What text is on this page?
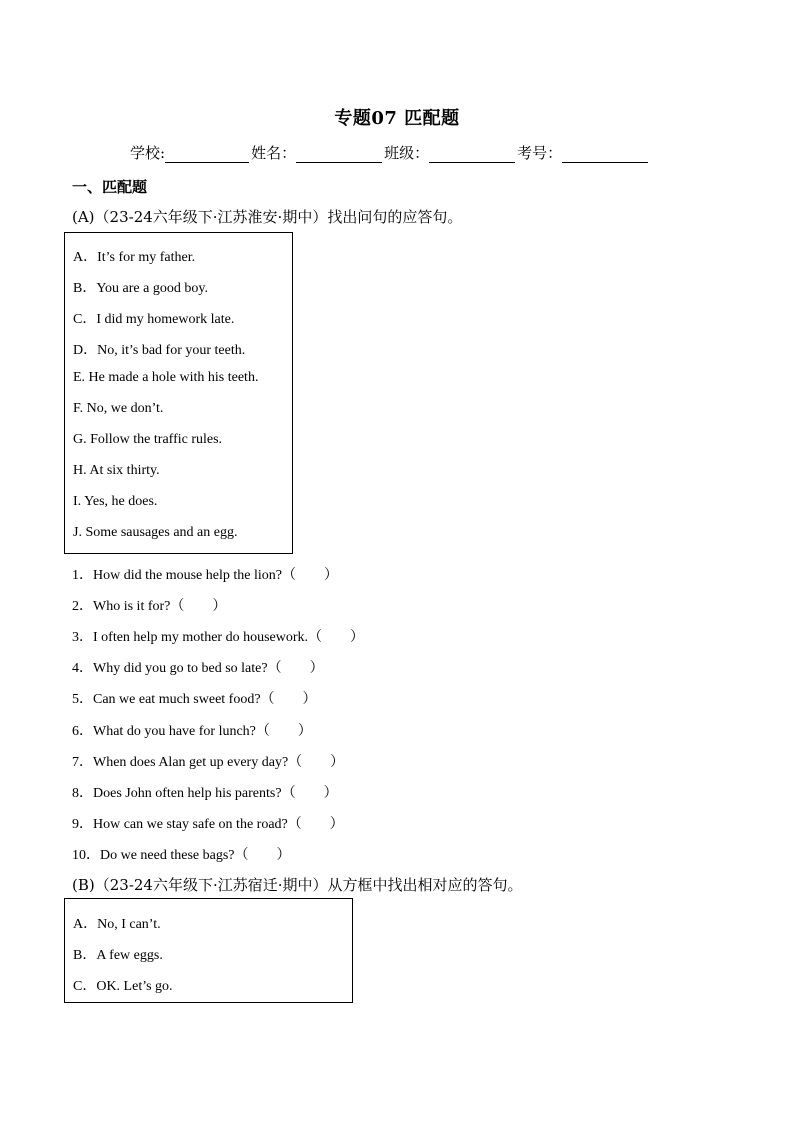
专题07 匹配题
学校:	姓名：	班级：	考号：
一、匹配题
(A)（23-24六年级下·江苏淮安·期中）找出问句的应答句。
A．It’s for my father.
B．You are a good boy.
C．I did my homework late.
D．No, it’s bad for your teeth.
E. He made a hole with his teeth.
F. No, we don’t.
G. Follow the traffic rules.
H. At six thirty.
I. Yes, he does.
J. Some sausages and an egg.
1．How did the mouse help the lion?（　　）
2．Who is it for?（　　）
3．I often help my mother do housework.（　　）
4．Why did you go to bed so late?（　　）
5．Can we eat much sweet food?（　　）
6．What do you have for lunch?（　　）
7．When does Alan get up every day?（　　）
8．Does John often help his parents?（　　）
9．How can we stay safe on the road?（　　）
10．Do we need these bags?（　　）
(B)（23-24六年级下·江苏宿迁·期中）从方框中找出相对应的答句。
A．No, I can’t.
B．A few eggs.
C．OK. Let’s go.
